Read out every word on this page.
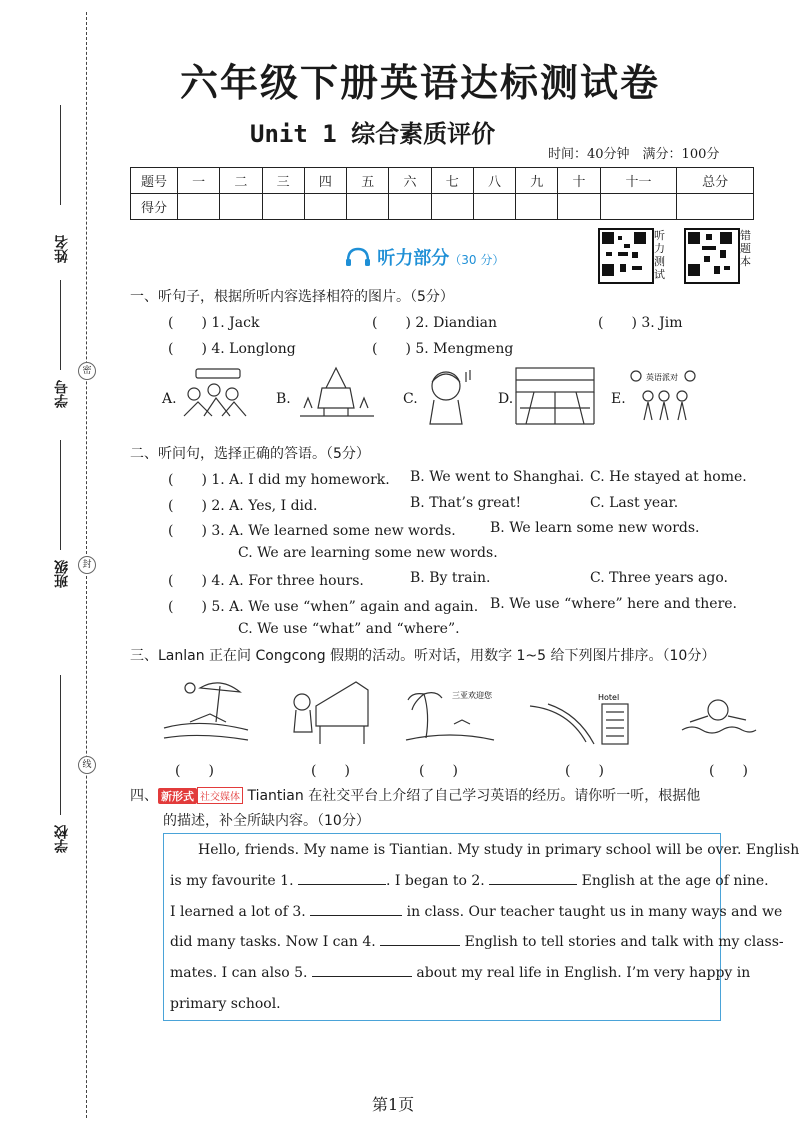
姓名
学号
班级
学校
密
封
线
六年级下册英语达标测试卷
Unit 1 综合素质评价
时间：40分钟　满分：100分
题号	一	二	三	四	五	六	七	八	九	十	十一	总分
得分												
听力部分（30 分）
听力测试
错题本
一、听句子，根据所听内容选择相符的图片。（5分）
(　　) 1. Jack	(　　) 2. Diandian	(　　) 3. Jim
(　　) 4. Longlong	(　　) 5. Mengmeng
A.	B.	C.	D.	E.
英语派对
二、听问句，选择正确的答语。（5分）
(　　) 1. A. I did my homework. B. We went to Shanghai. C. He stayed at home.
(　　) 2. A. Yes, I did.	B. That’s great!	C. Last year.
(　　) 3. A. We learned some new words. B. We learn some new words.
C. We are learning some new words.
(　　) 4. A. For three hours.	B. By train.	C. Three years ago.
(　　) 5. A. We use “when” again and again. B. We use “where” here and there.
C. We use “what” and “where”.
三、Lanlan 正在问 Congcong 假期的活动。听对话，用数字 1~5 给下列图片排序。（10分）
三亚欢迎您	Hotel
(　　)	(　　)	(　　)	(　　)	(　　)
四、 新形式 社交媒体 Tiantian 在社交平台上介绍了自己学习英语的经历。请你听一听，根据他
的描述，补全所缺内容。（10分）
Hello, friends. My name is Tiantian. My study in primary school will be over. English
is my favourite 1.	. I began to 2.	English at the age of nine.
I learned a lot of 3.	in class. Our teacher taught us in many ways and we
did many tasks. Now I can 4.	English to tell stories and talk with my class-
mates. I can also 5.	about my real life in English. I’m very happy in
primary school.
第1页
